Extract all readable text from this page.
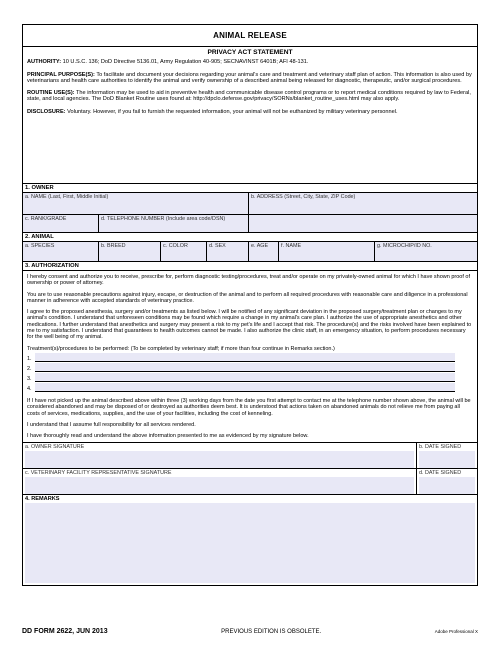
ANIMAL RELEASE
PRIVACY ACT STATEMENT

AUTHORITY: 10 U.S.C. 136; DoD Directive 5136.01, Army Regulation 40-905; SECNAVINST 6401B; AFI 48-131.

PRINCIPAL PURPOSE(S): To facilitate and document your decisions regarding your animal's care and treatment and veterinary staff plan of action. This information is also used by veterinarians and health care authorities to identify the animal and verify ownership of a described animal being released for diagnostic, therapeutic, and/or surgical procedures.

ROUTINE USE(S): The information may be used to aid in preventive health and communicable disease control programs or to report medical conditions required by law to Federal, state, and local agencies. The DoD Blanket Routine uses found at: http://dpclo.defense.gov/privacy/SORNs/blanket_routine_uses.html may also apply.

DISCLOSURE: Voluntary. However, if you fail to furnish the requested information, your animal will not be euthanized by military veterinary personnel.

1. OWNER
a. NAME (Last, First, Middle Initial)	b. ADDRESS (Street, City, State, ZIP Code)
c. RANK/GRADE	d. TELEPHONE NUMBER (Include area code/DSN)
2. ANIMAL
a. SPECIES	b. BREED	c. COLOR	d. SEX	e. AGE	f. NAME	g. MICROCHIP/ID NO.
3. AUTHORIZATION

I hereby consent and authorize you to receive, prescribe for, perform diagnostic testing/procedures, treat and/or operate on my privately-owned animal for which I have shown proof of ownership or power of attorney.

You are to use reasonable precautions against injury, escape, or destruction of the animal and to perform all required procedures with reasonable care and diligence in a professional manner in adherence with accepted standards of veterinary practice.

I agree to the proposed anesthesia, surgery and/or treatments as listed below. I will be notified of any significant deviation in the proposed surgery/treatment plan or changes to my animal's condition. I understand that unforeseen conditions may be found which require a change in my animal's care plan. I authorize the use of appropriate anesthetics and other medications. I further understand that anesthetics and surgery may present a risk to my pet's life and I accept that risk. The procedure(s) and the risks involved have been explained to me to my satisfaction. I understand that guarantees to health outcomes cannot be made. I also authorize the clinic staff, in an emergency situation, to perform procedures necessary for the well being of my animal.

Treatment(s)/procedures to be performed: (To be completed by veterinary staff; if more than four continue in Remarks section.)
1.
2.
3.
4.

If I have not picked up the animal described above within three (3) working days from the date you first attempt to contact me at the telephone number shown above, the animal will be considered abandoned and may be disposed of or destroyed as authorities deem best. It is understood that actions taken on abandoned animals do not relieve me from paying all costs of services, medications, supplies, and the use of your facilities, including the cost of kenneling.

I understand that I assume full responsibility for all services rendered.

I have thoroughly read and understand the above information presented to me as evidenced by my signature below.

a. OWNER SIGNATURE	b. DATE SIGNED
c. VETERINARY FACILITY REPRESENTATIVE SIGNATURE	d. DATE SIGNED
4. REMARKS
DD FORM 2622, JUN 2013	PREVIOUS EDITION IS OBSOLETE.	Adobe Professional X
